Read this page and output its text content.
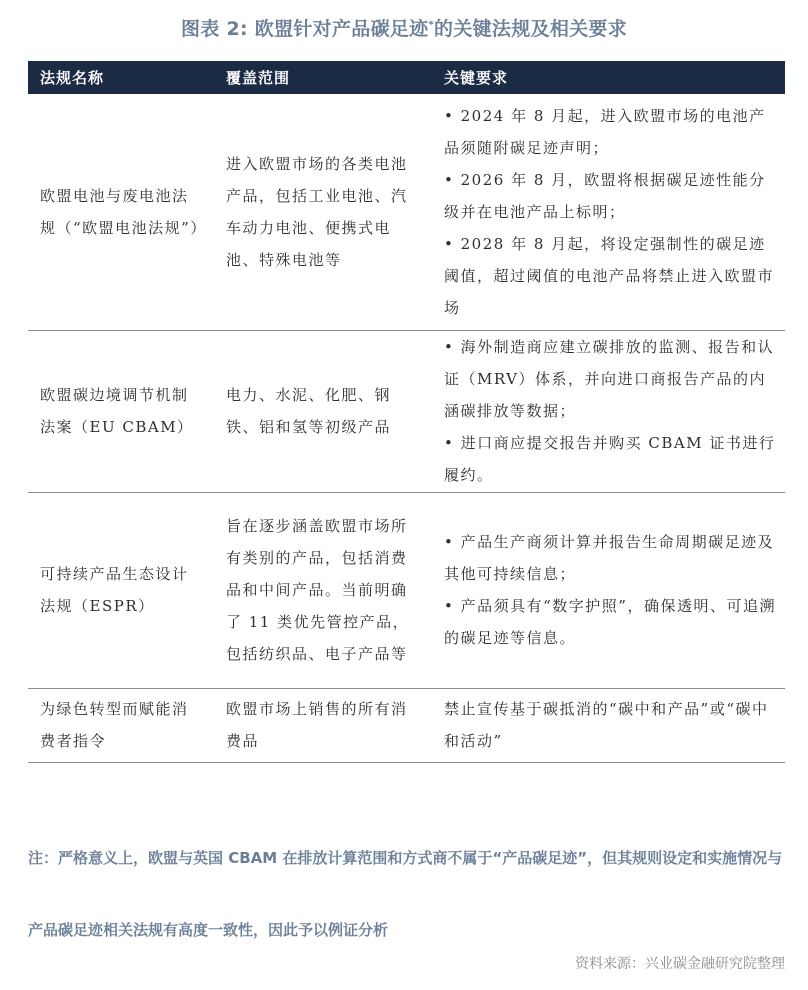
图表 2: 欧盟针对产品碳足迹*的关键法规及相关要求
法规名称	覆盖范围	关键要求
欧盟电池与废电池法规（“欧盟电池法规”）	进入欧盟市场的各类电池产品，包括工业电池、汽车动力电池、便携式电池、特殊电池等	• 2024 年 8 月起，进入欧盟市场的电池产品须随附碳足迹声明；
• 2026 年 8 月，欧盟将根据碳足迹性能分级并在电池产品上标明；
• 2028 年 8 月起，将设定强制性的碳足迹阈值，超过阈值的电池产品将禁止进入欧盟市场

欧盟碳边境调节机制法案（EU CBAM）	电力、水泥、化肥、钢铁、铝和氢等初级产品	• 海外制造商应建立碳排放的监测、报告和认证（MRV）体系，并向进口商报告产品的内涵碳排放等数据；
• 进口商应提交报告并购买 CBAM 证书进行履约。

可持续产品生态设计法规（ESPR）	旨在逐步涵盖欧盟市场所有类别的产品，包括消费品和中间产品。当前明确了 11 类优先管控产品，包括纺织品、电子产品等	• 产品生产商须计算并报告生命周期碳足迹及其他可持续信息；
• 产品须具有“数字护照”，确保透明、可追溯的碳足迹等信息。

为绿色转型而赋能消费者指令	欧盟市场上销售的所有消费品	禁止宣传基于碳抵消的“碳中和产品”或“碳中和活动”
注：严格意义上，欧盟与英国 CBAM 在排放计算范围和方式商不属于“产品碳足迹”，但其规则设定和实施情况与产品碳足迹相关法规有高度一致性，因此予以例证分析
资料来源：兴业碳金融研究院整理
